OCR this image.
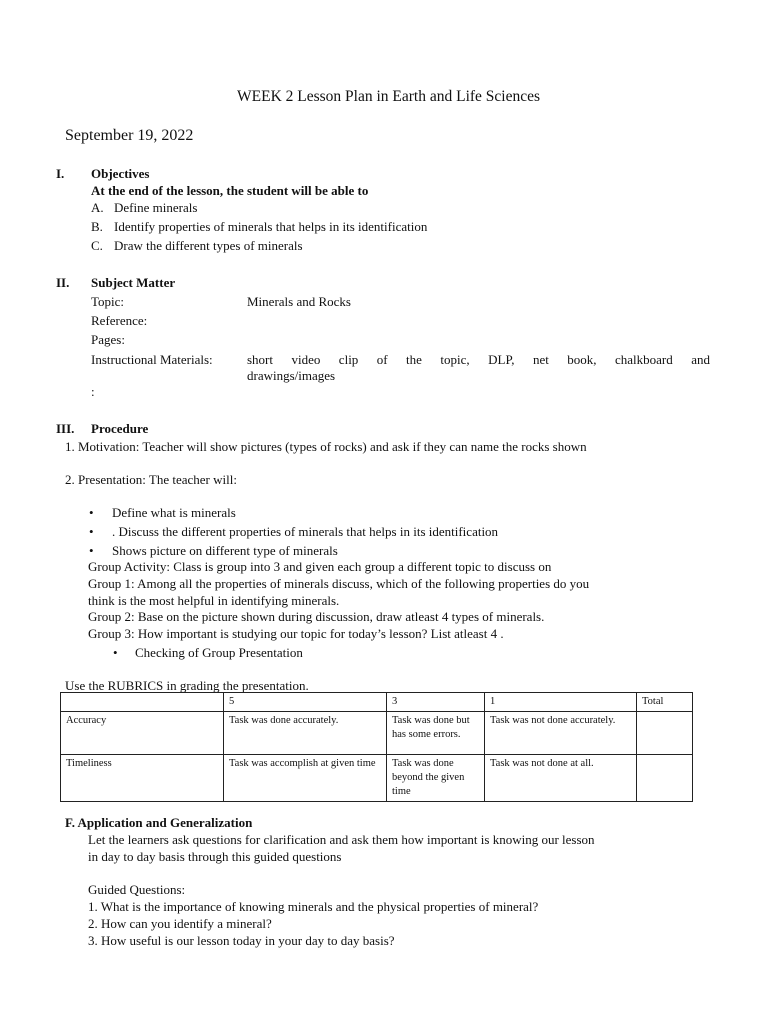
WEEK 2 Lesson Plan in Earth and Life Sciences
September 19, 2022
I. Objectives
At the end of the lesson, the student will be able to
A. Define minerals
B. Identify properties of minerals that helps in its identification
C. Draw the different types of minerals
II. Subject Matter
Topic:	Minerals and Rocks
Reference:
Pages:
Instructional Materials:	short video clip of the topic, DLP, net book, chalkboard and
drawings/images
:
III. Procedure
1. Motivation: Teacher will show pictures (types of rocks) and ask if they can name the rocks shown
2. Presentation: The teacher will:
• Define what is minerals
• . Discuss the different properties of minerals that helps in its identification
• Shows picture on different type of minerals
Group Activity: Class is group into 3 and given each group a different topic to discuss on
Group 1: Among all the properties of minerals discuss, which of the following properties do you
think is the most helpful in identifying minerals.
Group 2: Base on the picture shown during discussion, draw atleast 4 types of minerals.
Group 3: How important is studying our topic for today’s lesson? List atleast 4 .
• Checking of Group Presentation
Use the RUBRICS in grading the presentation.
	5	3	1	Total
Accuracy	Task was done accurately.	Task was done but has some errors.	Task was not done accurately.	
Timeliness	Task was accomplish at given time	Task was done beyond the given time	Task was not done at all.	
F. Application and Generalization
Let the learners ask questions for clarification and ask them how important is knowing our lesson
in day to day basis through this guided questions
Guided Questions:
1. What is the importance of knowing minerals and the physical properties of mineral?
2. How can you identify a mineral?
3. How useful is our lesson today in your day to day basis?
